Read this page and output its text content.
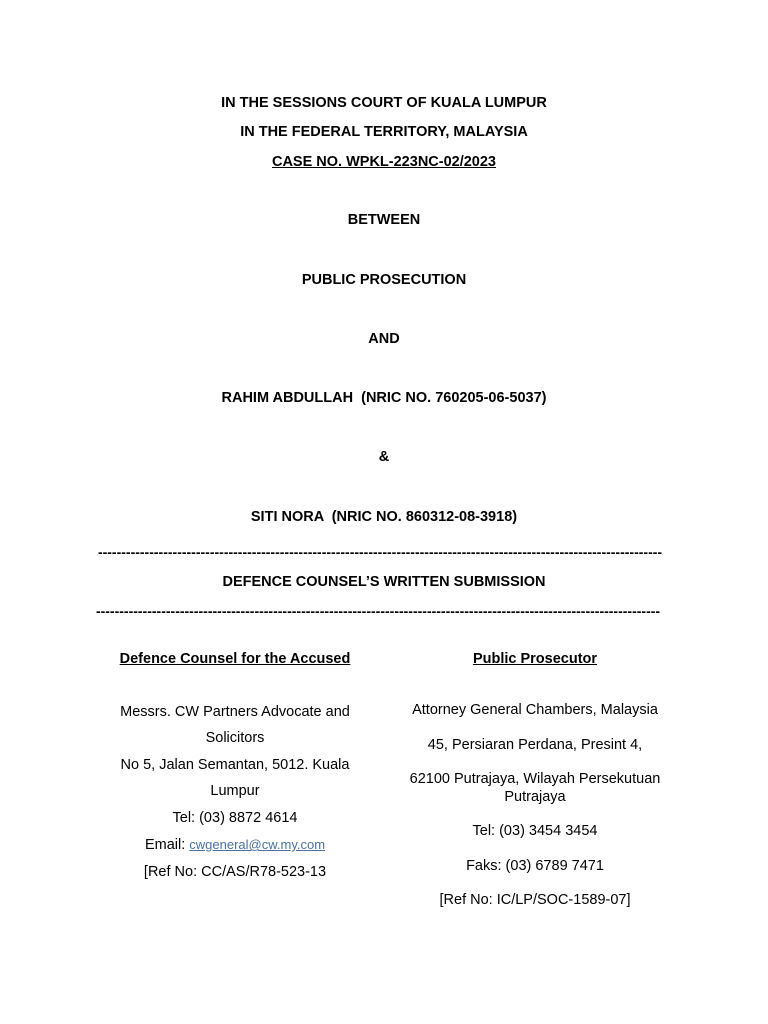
IN THE SESSIONS COURT OF KUALA LUMPUR
IN THE FEDERAL TERRITORY, MALAYSIA
CASE NO. WPKL-223NC-02/2023
BETWEEN
PUBLIC PROSECUTION
AND
RAHIM ABDULLAH  (NRIC NO. 760205-06-5037)
&
SITI NORA  (NRIC NO. 860312-08-3918)
-------------------------------------------------------------------------------------------------------------------------
DEFENCE COUNSEL’S WRITTEN SUBMISSION
-------------------------------------------------------------------------------------------------------------------------
Defence Counsel for the Accused
Messrs. CW Partners Advocate and
Solicitors
No 5, Jalan Semantan, 5012. Kuala
Lumpur
Tel: (03) 8872 4614
Email: cwgeneral@cw.my.com
[Ref No: CC/AS/R78-523-13
Public Prosecutor
Attorney General Chambers, Malaysia
45, Persiaran Perdana, Presint 4,
62100 Putrajaya, Wilayah Persekutuan
Putrajaya
Tel: (03) 3454 3454
Faks: (03) 6789 7471
[Ref No: IC/LP/SOC-1589-07]
